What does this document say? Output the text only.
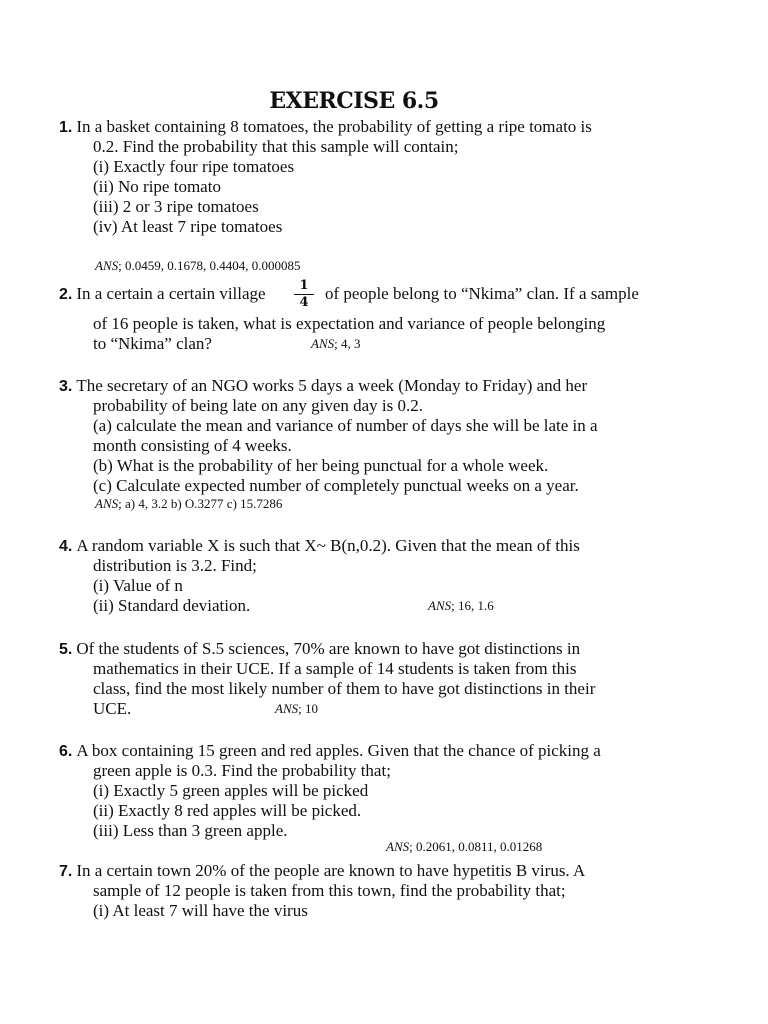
EXERCISE 6.5
1. In a basket containing 8 tomatoes, the probability of getting a ripe tomato is
0.2. Find the probability that this sample will contain;
(i) Exactly four ripe tomatoes
(ii) No ripe tomato
(iii) 2 or 3 ripe tomatoes
(iv) At least 7 ripe tomatoes
ANS; 0.0459, 0.1678, 0.4404, 0.000085
2. In a certain a certain village	1
4 of people belong to “Nkima” clan. If a sample
of 16 people is taken, what is expectation and variance of people belonging
to “Nkima” clan?	ANS; 4, 3
3. The secretary of an NGO works 5 days a week (Monday to Friday) and her
probability of being late on any given day is 0.2.
(a) calculate the mean and variance of number of days she will be late in a
month consisting of 4 weeks.
(b) What is the probability of her being punctual for a whole week.
(c) Calculate expected number of completely punctual weeks on a year.
ANS; a) 4, 3.2 b) O.3277 c) 15.7286
4. A random variable X is such that X~ B(n,0.2). Given that the mean of this
distribution is 3.2. Find;
(i) Value of n
(ii) Standard deviation.	ANS; 16, 1.6
5. Of the students of S.5 sciences, 70% are known to have got distinctions in
mathematics in their UCE. If a sample of 14 students is taken from this
class, find the most likely number of them to have got distinctions in their
UCE.	ANS; 10
6. A box containing 15 green and red apples. Given that the chance of picking a
green apple is 0.3. Find the probability that;
(i) Exactly 5 green apples will be picked
(ii) Exactly 8 red apples will be picked.
(iii) Less than 3 green apple.
ANS; 0.2061, 0.0811, 0.01268
7. In a certain town 20% of the people are known to have hypetitis B virus. A
sample of 12 people is taken from this town, find the probability that;
(i) At least 7 will have the virus
